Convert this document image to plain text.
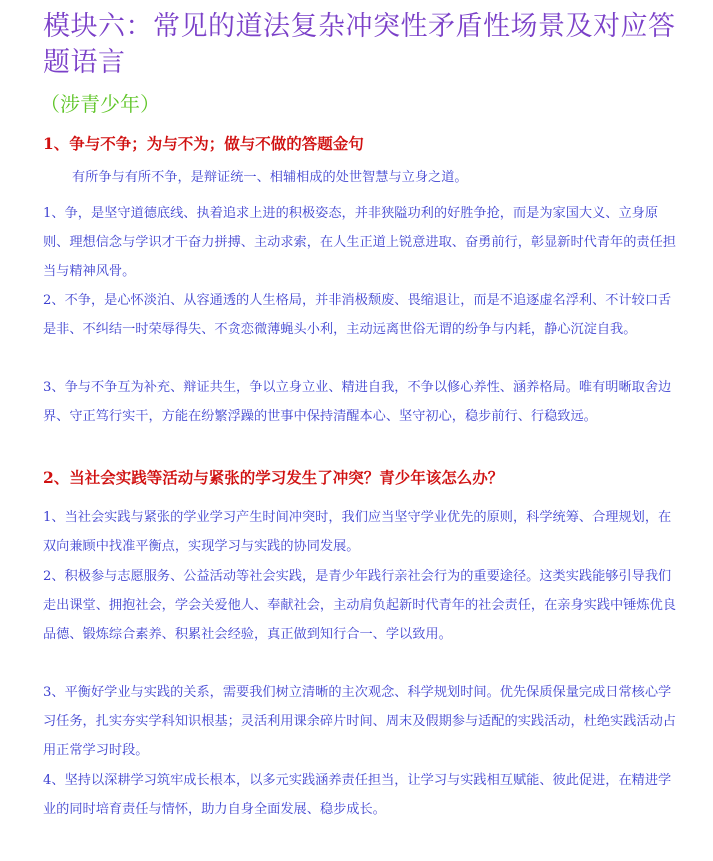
模块六：常见的道法复杂冲突性矛盾性场景及对应答题语言
（涉青少年）
1、争与不争；为与不为；做与不做的答题金句
有所争与有所不争，是辩证统一、相辅相成的处世智慧与立身之道。
1、争，是坚守道德底线、执着追求上进的积极姿态，并非狭隘功利的好胜争抢，而是为家国大义、立身原则、理想信念与学识才干奋力拼搏、主动求索，在人生正道上锐意进取、奋勇前行，彰显新时代青年的责任担当与精神风骨。
2、不争，是心怀淡泊、从容通透的人生格局，并非消极颓废、畏缩退让，而是不追逐虚名浮利、不计较口舌是非、不纠结一时荣辱得失、不贪恋微薄蝇头小利，主动远离世俗无谓的纷争与内耗，静心沉淀自我。
3、争与不争互为补充、辩证共生，争以立身立业、精进自我，不争以修心养性、涵养格局。唯有明晰取舍边界、守正笃行实干，方能在纷繁浮躁的世事中保持清醒本心、坚守初心，稳步前行、行稳致远。
2、当社会实践等活动与紧张的学习发生了冲突？青少年该怎么办？
1、当社会实践与紧张的学业学习产生时间冲突时，我们应当坚守学业优先的原则，科学统筹、合理规划，在双向兼顾中找准平衡点，实现学习与实践的协同发展。
2、积极参与志愿服务、公益活动等社会实践，是青少年践行亲社会行为的重要途径。这类实践能够引导我们走出课堂、拥抱社会，学会关爱他人、奉献社会，主动肩负起新时代青年的社会责任，在亲身实践中锤炼优良品德、锻炼综合素养、积累社会经验，真正做到知行合一、学以致用。
3、平衡好学业与实践的关系，需要我们树立清晰的主次观念、科学规划时间。优先保质保量完成日常核心学习任务，扎实夯实学科知识根基；灵活利用课余碎片时间、周末及假期参与适配的实践活动，杜绝实践活动占用正常学习时段。
4、坚持以深耕学习筑牢成长根本，以多元实践涵养责任担当，让学习与实践相互赋能、彼此促进，在精进学业的同时培育责任与情怀，助力自身全面发展、稳步成长。
